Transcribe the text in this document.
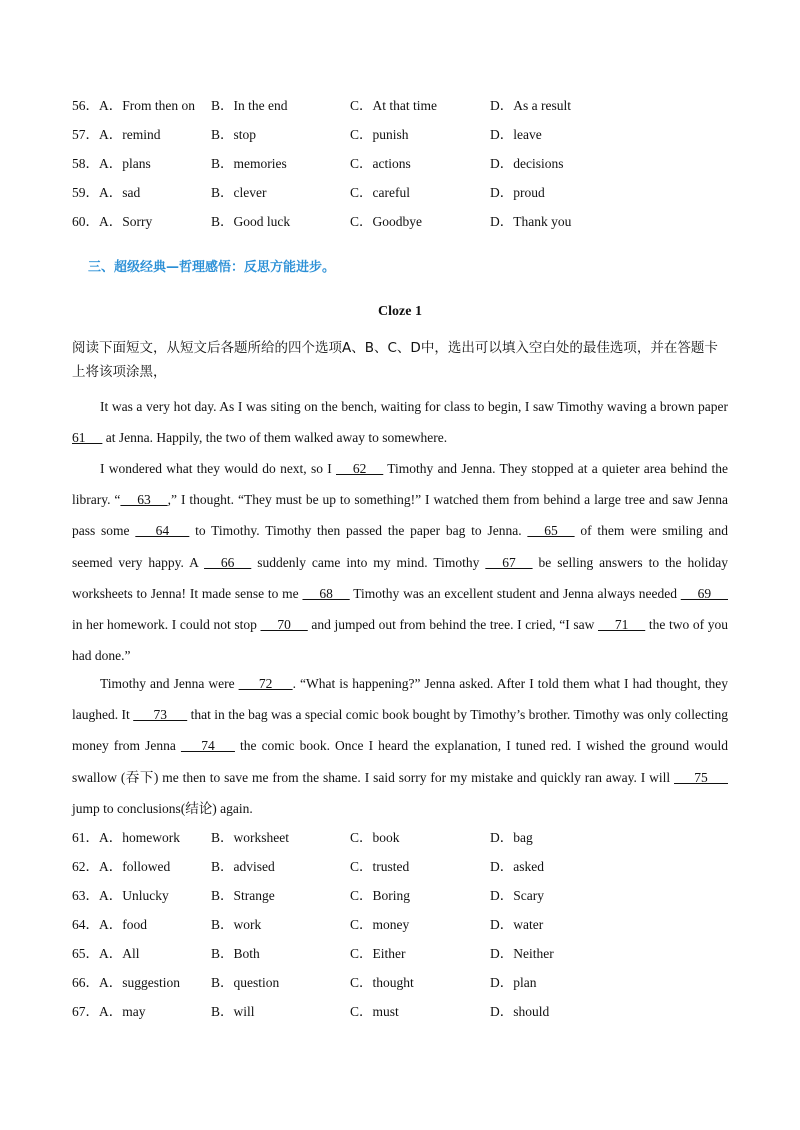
56．A．From then on B．In the end	C．At that time	D．As a result
57．A．remind	B．stop	C．punish	D．leave
58．A．plans	B．memories	C．actions	D．decisions
59．A．sad	B．clever	C．careful	D．proud
60．A．Sorry	B．Good luck	C．Goodbye	D．Thank you
三、超级经典—哲理感悟：反思方能进步。
Cloze 1
阅读下面短文，从短文后各题所给的四个选项A、B、C、D中，选出可以填入空白处的最佳选项，并在答题卡上将该项涂黑，
It was a very hot day. As I was siting on the bench, waiting for class to begin, I saw Timothy waving a brown paper 61      at Jenna. Happily, the two of them walked away to somewhere.
I wondered what they would do next, so I      62      Timothy and Jenna. They stopped at a quieter area behind the library. “     63     ,” I thought. “They must be up to something!” I watched them from behind a large tree and saw Jenna pass some       64       to Timothy. Timothy then passed the paper bag to Jenna.      65      of them were smiling and seemed very happy. A      66      suddenly came into my mind. Timothy      67      be selling answers to the holiday worksheets to Jenna! It made sense to me      68      Timothy was an excellent student and Jenna always needed      69      in her homework. I could not stop      70      and jumped out from behind the tree. I cried, “I saw      71      the two of you had done.”
Timothy and Jenna were       72      . “What is happening?” Jenna asked. After I told them what I had thought, they laughed. It       73       that in the bag was a special comic book bought by Timothy’s brother. Timothy was only collecting money from Jenna       74       the comic book. Once I heard the explanation, I tuned red. I wished the ground would swallow (吞下) me then to save me from the shame. I said sorry for my mistake and quickly ran away. I will       75       jump to conclusions(结论) again.
61．A．homework B．worksheet	C．book	D．bag
62．A．followed	B．advised	C．trusted	D．asked
63．A．Unlucky	B．Strange	C．Boring	D．Scary
64．A．food	B．work	C．money	D．water
65．A．All	B．Both	C．Either	D．Neither
66．A．suggestion B．question	C．thought	D．plan
67．A．may	B．will	C．must	D．should
